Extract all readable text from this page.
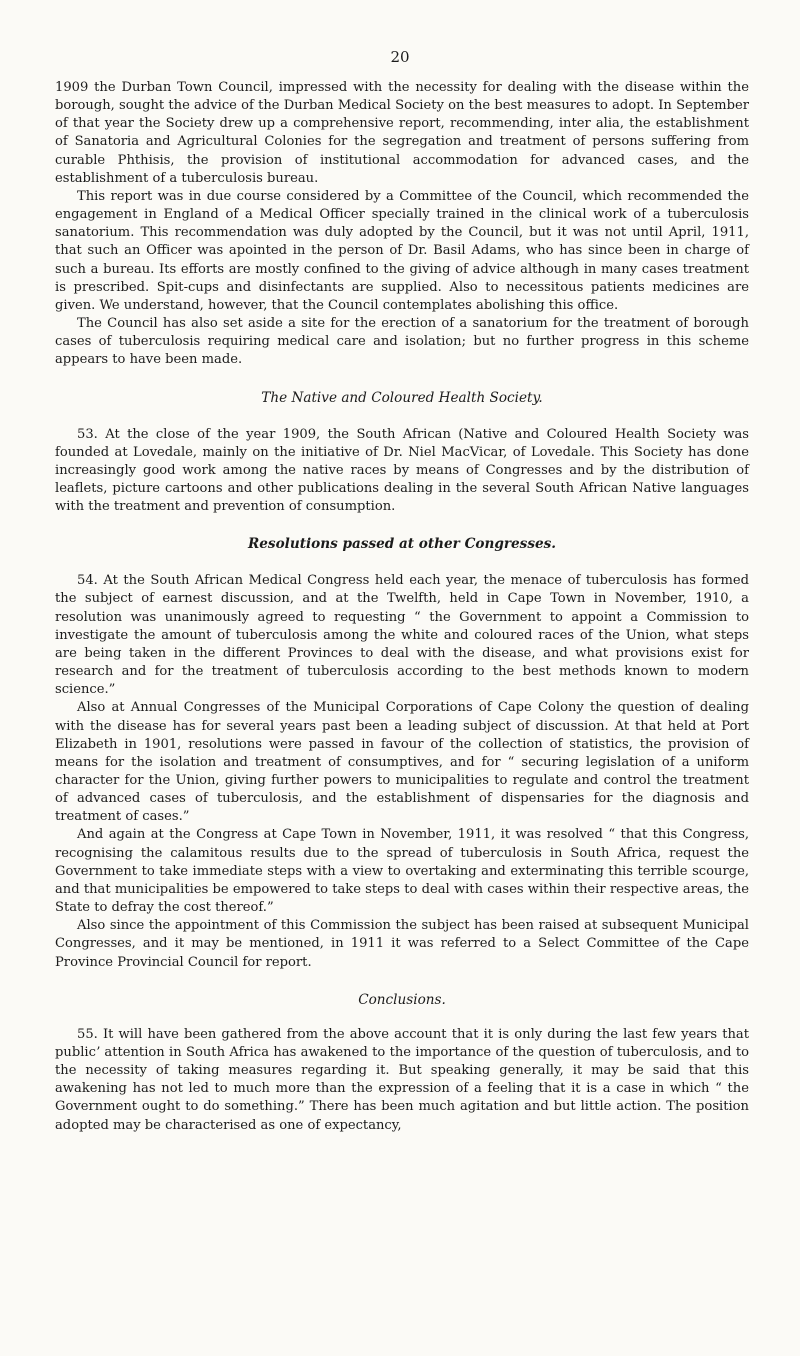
20

1909 the Durban Town Council, impressed with the necessity for dealing with the disease within the borough, sought the advice of the Durban Medical Society on the best measures to adopt. In September of that year the Society drew up a comprehensive report, recommending, inter alia, the establishment of Sanatoria and Agricultural Colonies for the segregation and treatment of persons suffering from curable Phthisis, the provision of institutional accommodation for advanced cases, and the establishment of a tuberculosis bureau.

This report was in due course considered by a Committee of the Council, which recommended the engagement in England of a Medical Officer specially trained in the clinical work of a tuberculosis sanatorium. This recommendation was duly adopted by the Council, but it was not until April, 1911, that such an Officer was apointed in the person of Dr. Basil Adams, who has since been in charge of such a bureau. Its efforts are mostly confined to the giving of advice although in many cases treatment is prescribed. Spit-cups and disinfectants are supplied. Also to necessitous patients medicines are given. We understand, however, that the Council contemplates abolishing this office.

The Council has also set aside a site for the erection of a sanatorium for the treatment of borough cases of tuberculosis requiring medical care and isolation; but no further progress in this scheme appears to have been made.

The Native and Coloured Health Society.

53. At the close of the year 1909, the South African (Native and Coloured Health Society was founded at Lovedale, mainly on the initiative of Dr. Niel MacVicar, of Lovedale. This Society has done increasingly good work among the native races by means of Congresses and by the distribution of leaflets, picture cartoons and other publications dealing in the several South African Native languages with the treatment and prevention of consumption.

Resolutions passed at other Congresses.

54. At the South African Medical Congress held each year, the menace of tuberculosis has formed the subject of earnest discussion, and at the Twelfth, held in Cape Town in November, 1910, a resolution was unanimously agreed to requesting “ the Government to appoint a Commission to investigate the amount of tuberculosis among the white and coloured races of the Union, what steps are being taken in the different Provinces to deal with the disease, and what provisions exist for research and for the treatment of tuberculosis according to the best methods known to modern science.”

Also at Annual Congresses of the Municipal Corporations of Cape Colony the question of dealing with the disease has for several years past been a leading subject of discussion. At that held at Port Elizabeth in 1901, resolutions were passed in favour of the collection of statistics, the provision of means for the isolation and treatment of consumptives, and for “ securing legislation of a uniform character for the Union, giving further powers to municipalities to regulate and control the treatment of advanced cases of tuberculosis, and the establishment of dispensaries for the diagnosis and treatment of cases.”

And again at the Congress at Cape Town in November, 1911, it was resolved “ that this Congress, recognising the calamitous results due to the spread of tuberculosis in South Africa, request the Government to take immediate steps with a view to overtaking and exterminating this terrible scourge, and that municipalities be empowered to take steps to deal with cases within their respective areas, the State to defray the cost thereof.”

Also since the appointment of this Commission the subject has been raised at subsequent Municipal Congresses, and it may be mentioned, in 1911 it was referred to a Select Committee of the Cape Province Provincial Council for report.

Conclusions.

55. It will have been gathered from the above account that it is only during the last few years that publicʼ attention in South Africa has awakened to the importance of the question of tuberculosis, and to the necessity of taking measures regarding it. But speaking generally, it may be said that this awakening has not led to much more than the expression of a feeling that it is a case in which “ the Government ought to do something.” There has been much agitation and but little action. The position adopted may be characterised as one of expectancy,
